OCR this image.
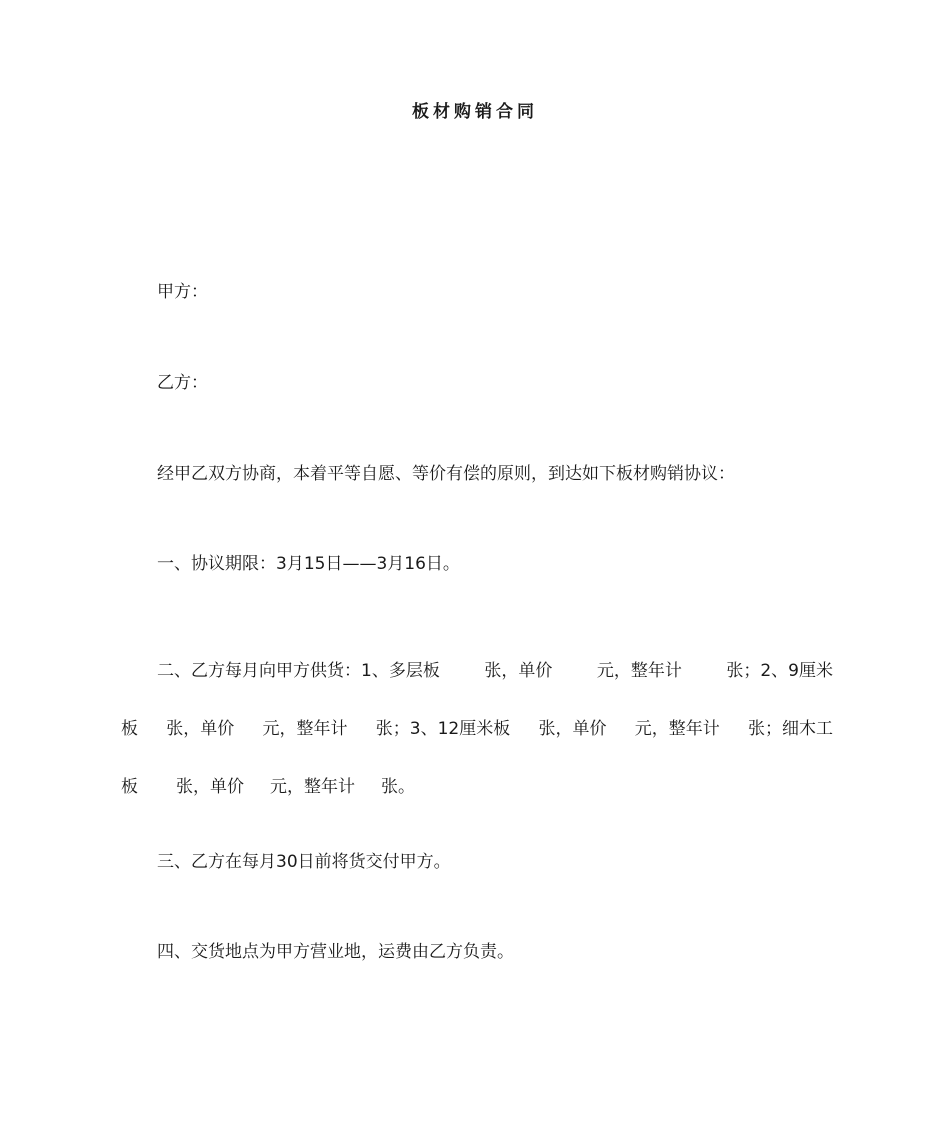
板材购销合同
甲方：
乙方：
经甲乙双方协商，本着平等自愿、等价有偿的原则，到达如下板材购销协议：
一、协议期限：3月15日——3月16日。
二、乙方每月向甲方供货：1、多层板	张，单价	元，整年计	张；2、9厘米
板 张，单价 元，整年计 张；3、12厘米板 张，单价 元，整年计 张；细木工
板 张，单价 元，整年计 张。
三、乙方在每月30日前将货交付甲方。
四、交货地点为甲方营业地，运费由乙方负责。
